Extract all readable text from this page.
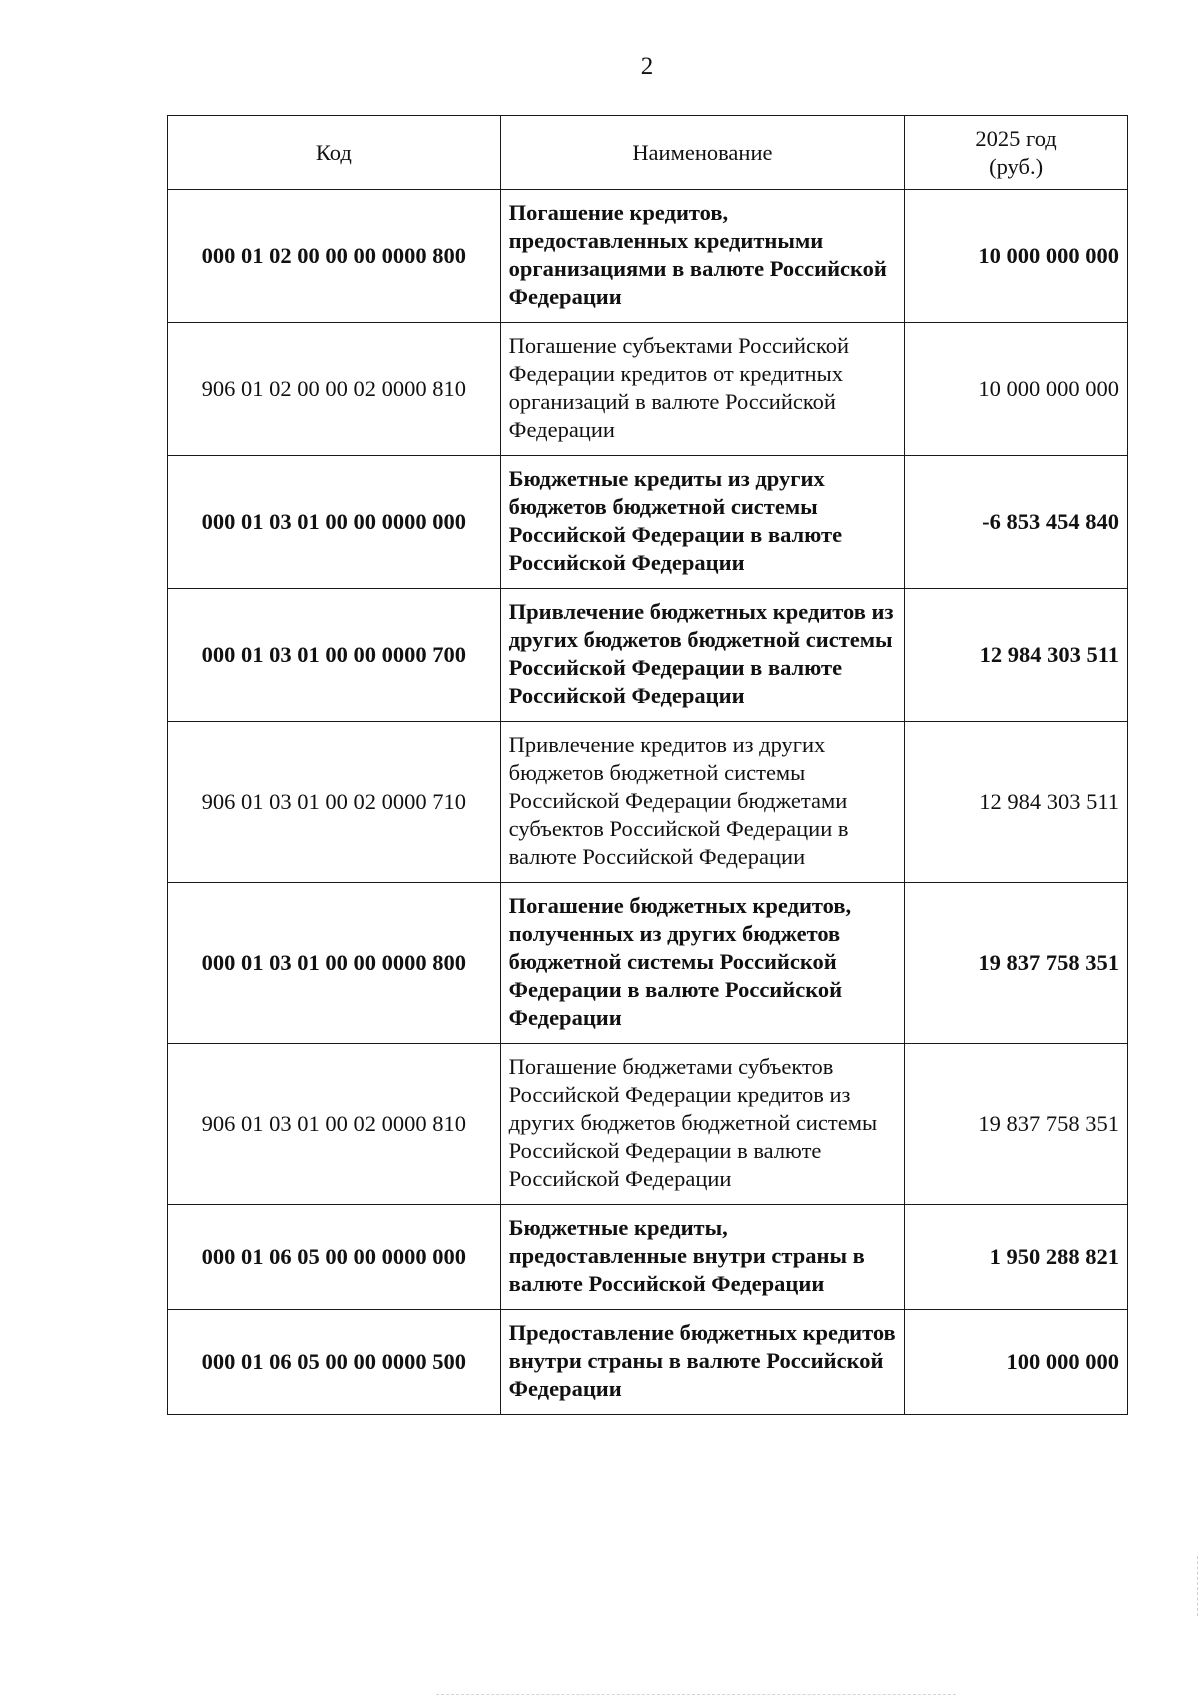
2
Код	Наименование	2025 год
(руб.)

000 01 02 00 00 00 0000 800	Погашение кредитов, предоставленных кредитными организациями в валюте Российской Федерации	10 000 000 000
906 01 02 00 00 02 0000 810	Погашение субъектами Российской Федерации кредитов от кредитных организаций в валюте Российской Федерации	10 000 000 000
000 01 03 01 00 00 0000 000	Бюджетные кредиты из других бюджетов бюджетной системы Российской Федерации в валюте Российской Федерации	-6 853 454 840
000 01 03 01 00 00 0000 700	Привлечение бюджетных кредитов из других бюджетов бюджетной системы Российской Федерации в валюте Российской Федерации	12 984 303 511
906 01 03 01 00 02 0000 710	Привлечение кредитов из других бюджетов бюджетной системы Российской Федерации бюджетами субъектов Российской Федерации в валюте Российской Федерации	12 984 303 511
000 01 03 01 00 00 0000 800	Погашение бюджетных кредитов, полученных из других бюджетов бюджетной системы Российской Федерации в валюте Российской Федерации	19 837 758 351
906 01 03 01 00 02 0000 810	Погашение бюджетами субъектов Российской Федерации кредитов из других бюджетов бюджетной системы Российской Федерации в валюте Российской Федерации	19 837 758 351
000 01 06 05 00 00 0000 000	Бюджетные кредиты, предоставленные внутри страны в валюте Российской Федерации	1 950 288 821
000 01 06 05 00 00 0000 500	Предоставление бюджетных кредитов внутри страны в валюте Российской Федерации	100 000 000
